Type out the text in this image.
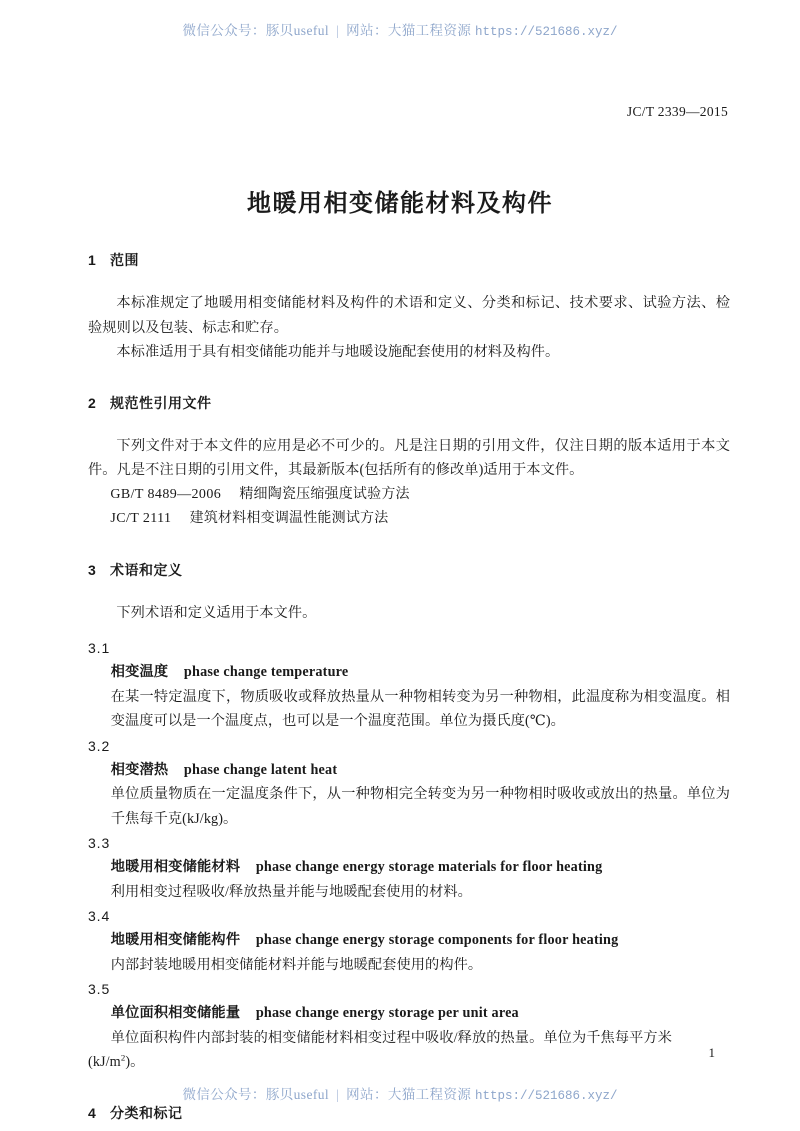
微信公众号：豚贝useful | 网站：大猫工程资源 https://521686.xyz/
JC/T 2339—2015
地暖用相变储能材料及构件
1 范围

本标准规定了地暖用相变储能材料及构件的术语和定义、分类和标记、技术要求、试验方法、检验规则以及包装、标志和贮存。

本标准适用于具有相变储能功能并与地暖设施配套使用的材料及构件。

2 规范性引用文件

下列文件对于本文件的应用是必不可少的。凡是注日期的引用文件，仅注日期的版本适用于本文件。凡是不注日期的引用文件，其最新版本(包括所有的修改单)适用于本文件。

GB/T 8489—2006 精细陶瓷压缩强度试验方法

JC/T 2111 建筑材料相变调温性能测试方法

3 术语和定义

下列术语和定义适用于本文件。

3.1

相变温度 phase change temperature

在某一特定温度下，物质吸收或释放热量从一种物相转变为另一种物相，此温度称为相变温度。相变温度可以是一个温度点，也可以是一个温度范围。单位为摄氏度(℃)。

3.2

相变潜热 phase change latent heat

单位质量物质在一定温度条件下，从一种物相完全转变为另一种物相时吸收或放出的热量。单位为千焦每千克(kJ/kg)。

3.3

地暖用相变储能材料 phase change energy storage materials for floor heating

利用相变过程吸收/释放热量并能与地暖配套使用的材料。

3.4

地暖用相变储能构件 phase change energy storage components for floor heating

内部封装地暖用相变储能材料并能与地暖配套使用的构件。

3.5

单位面积相变储能量 phase change energy storage per unit area

单位面积构件内部封装的相变储能材料相变过程中吸收/释放的热量。单位为千焦每平方米

$(kJ/m^2)$。

4 分类和标记
1
微信公众号：豚贝useful | 网站：大猫工程资源 https://521686.xyz/
